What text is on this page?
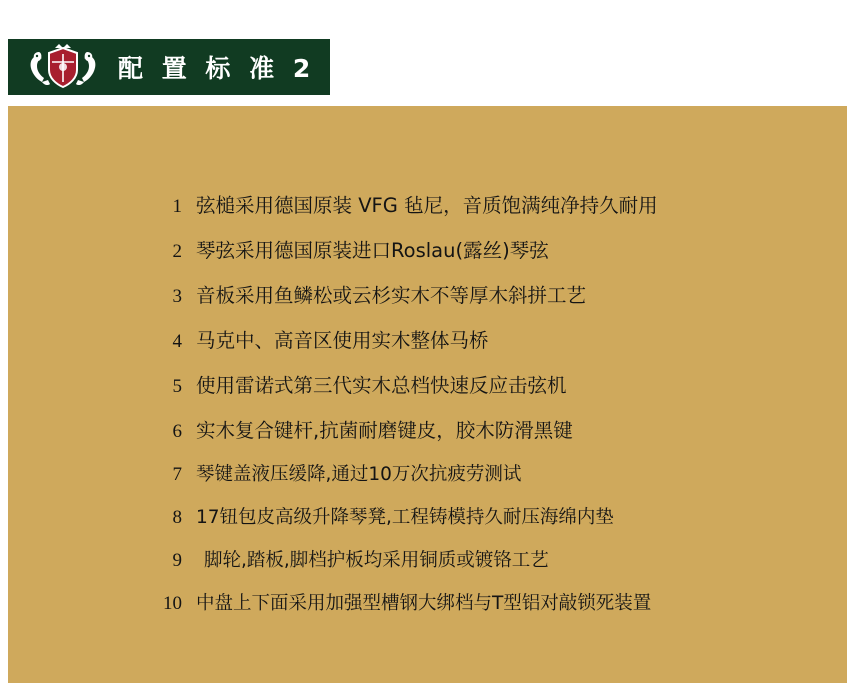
配 置 标 准 2
1 弦槌采用德国原装 VFG 毡尼，音质饱满纯净持久耐用
2 琴弦采用德国原装进口Roslau(露丝)琴弦
3 音板采用鱼鳞松或云杉实木不等厚木斜拼工艺
4 马克中、高音区使用实木整体马桥
5 使用雷诺式第三代实木总档快速反应击弦机
6 实木复合键杆,抗菌耐磨键皮，胶木防滑黑键
7 琴键盖液压缓降,通过10万次抗疲劳测试
8 17钮包皮高级升降琴凳,工程铸模持久耐压海绵内垫
9 脚轮,踏板,脚档护板均采用铜质或镀铬工艺
10 中盘上下面采用加强型槽钢大绑档与T型铝对敲锁死装置
